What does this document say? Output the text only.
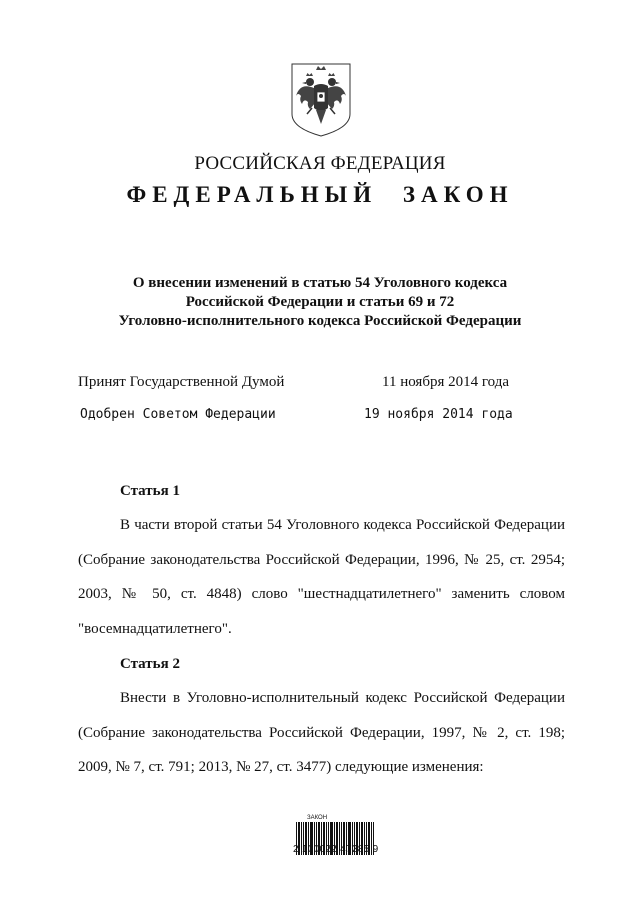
РОССИЙСКАЯ ФЕДЕРАЦИЯ
ФЕДЕРАЛЬНЫЙ ЗАКОН
О внесении изменений в статью 54 Уголовного кодекса
Российской Федерации и статьи 69 и 72
Уголовно-исполнительного кодекса Российской Федерации
Принят Государственной Думой	11 ноября 2014 года
Одобрен Советом Федерации	19 ноября 2014 года
Статья 1

В части второй статьи 54 Уголовного кодекса Российской Федерации (Собрание законодательства Российской Федерации, 1996, № 25, ст. 2954; 2003, № 50, ст. 4848) слово "шестнадцатилетнего" заменить словом "восемнадцатилетнего".

Статья 2

Внести в Уголовно-исполнительный кодекс Российской Федерации (Собрание законодательства Российской Федерации, 1997, № 2, ст. 198; 2009, № 7, ст. 791; 2013, № 27, ст. 3477) следующие изменения:

ЗАКОН
2 100022 47285 9
